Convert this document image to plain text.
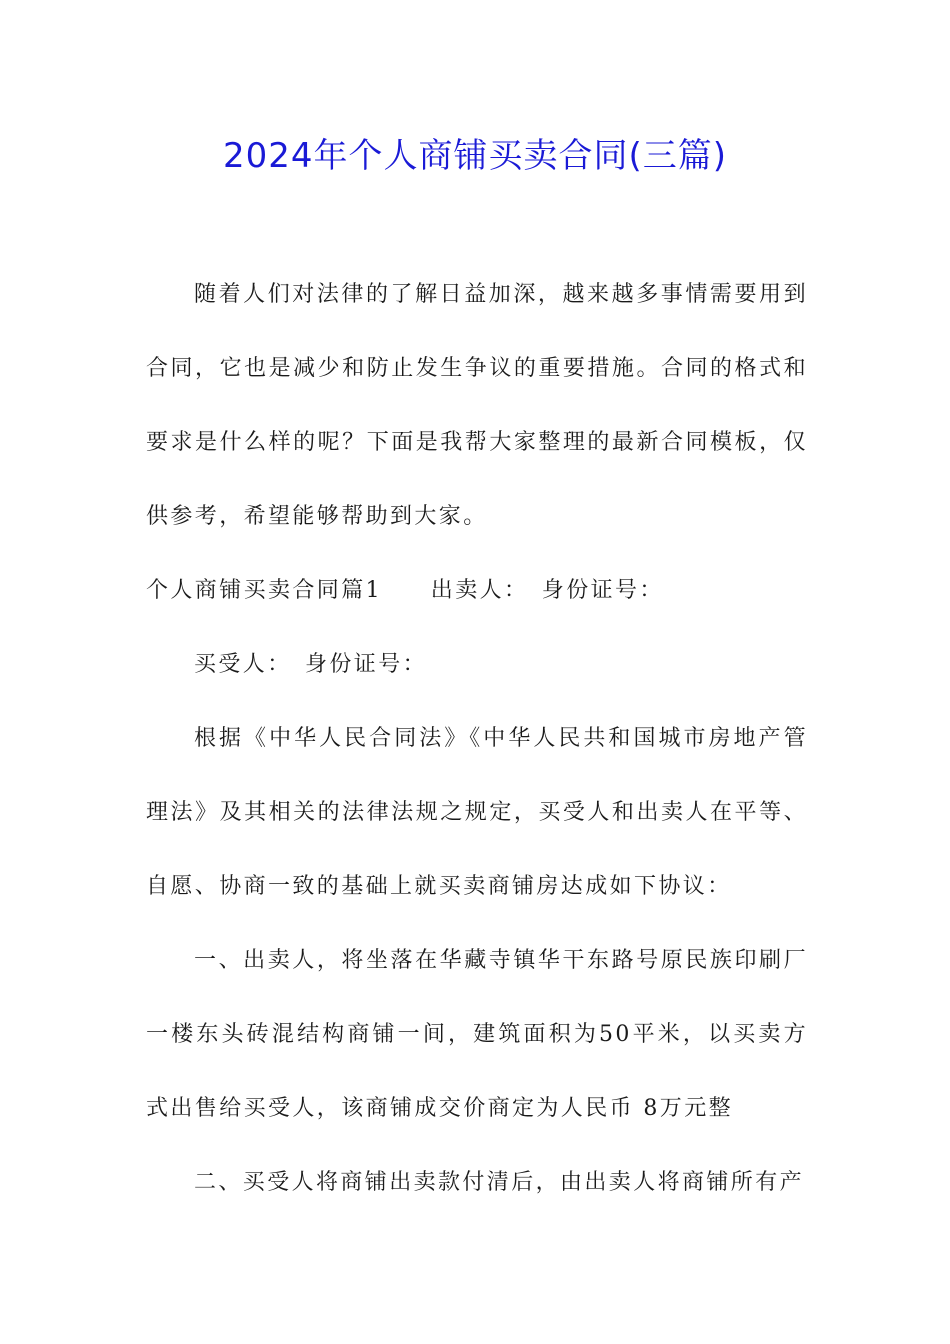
2024年个人商铺买卖合同(三篇)

随着人们对法律的了解日益加深，越来越多事情需要用到合同，它也是减少和防止发生争议的重要措施。合同的格式和要求是什么样的呢？下面是我帮大家整理的最新合同模板，仅供参考，希望能够帮助到大家。

个人商铺买卖合同篇1　　出卖人：　身份证号：

买受人：　身份证号：

根据《中华人民合同法》《中华人民共和国城市房地产管理法》及其相关的法律法规之规定，买受人和出卖人在平等、自愿、协商一致的基础上就买卖商铺房达成如下协议：

一、出卖人，将坐落在华藏寺镇华干东路号原民族印刷厂一楼东头砖混结构商铺一间，建筑面积为50平米，以买卖方式出售给买受人，该商铺成交价商定为人民币 8万元整

二、买受人将商铺出卖款付清后，由出卖人将商铺所有产
